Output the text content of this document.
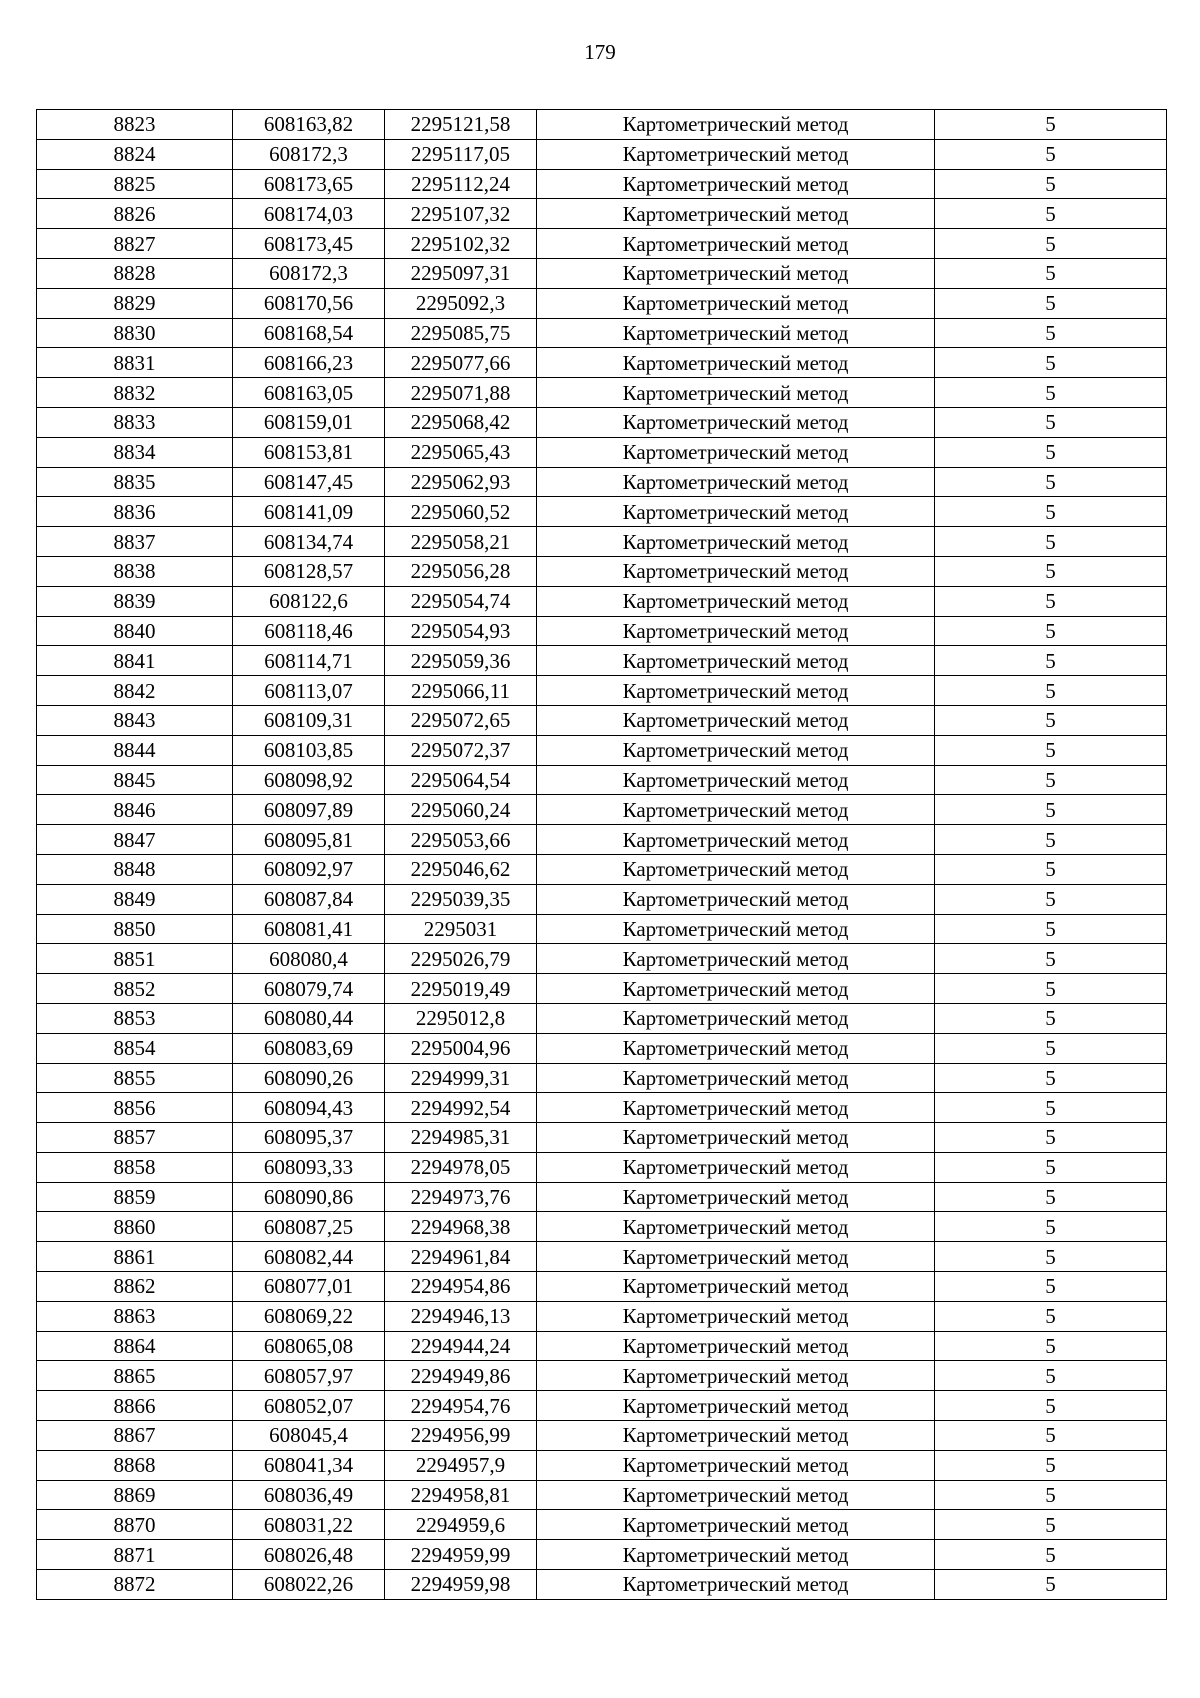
179
8823	608163,82	2295121,58	Картометрический метод	5
8824	608172,3	2295117,05	Картометрический метод	5
8825	608173,65	2295112,24	Картометрический метод	5
8826	608174,03	2295107,32	Картометрический метод	5
8827	608173,45	2295102,32	Картометрический метод	5
8828	608172,3	2295097,31	Картометрический метод	5
8829	608170,56	2295092,3	Картометрический метод	5
8830	608168,54	2295085,75	Картометрический метод	5
8831	608166,23	2295077,66	Картометрический метод	5
8832	608163,05	2295071,88	Картометрический метод	5
8833	608159,01	2295068,42	Картометрический метод	5
8834	608153,81	2295065,43	Картометрический метод	5
8835	608147,45	2295062,93	Картометрический метод	5
8836	608141,09	2295060,52	Картометрический метод	5
8837	608134,74	2295058,21	Картометрический метод	5
8838	608128,57	2295056,28	Картометрический метод	5
8839	608122,6	2295054,74	Картометрический метод	5
8840	608118,46	2295054,93	Картометрический метод	5
8841	608114,71	2295059,36	Картометрический метод	5
8842	608113,07	2295066,11	Картометрический метод	5
8843	608109,31	2295072,65	Картометрический метод	5
8844	608103,85	2295072,37	Картометрический метод	5
8845	608098,92	2295064,54	Картометрический метод	5
8846	608097,89	2295060,24	Картометрический метод	5
8847	608095,81	2295053,66	Картометрический метод	5
8848	608092,97	2295046,62	Картометрический метод	5
8849	608087,84	2295039,35	Картометрический метод	5
8850	608081,41	2295031	Картометрический метод	5
8851	608080,4	2295026,79	Картометрический метод	5
8852	608079,74	2295019,49	Картометрический метод	5
8853	608080,44	2295012,8	Картометрический метод	5
8854	608083,69	2295004,96	Картометрический метод	5
8855	608090,26	2294999,31	Картометрический метод	5
8856	608094,43	2294992,54	Картометрический метод	5
8857	608095,37	2294985,31	Картометрический метод	5
8858	608093,33	2294978,05	Картометрический метод	5
8859	608090,86	2294973,76	Картометрический метод	5
8860	608087,25	2294968,38	Картометрический метод	5
8861	608082,44	2294961,84	Картометрический метод	5
8862	608077,01	2294954,86	Картометрический метод	5
8863	608069,22	2294946,13	Картометрический метод	5
8864	608065,08	2294944,24	Картометрический метод	5
8865	608057,97	2294949,86	Картометрический метод	5
8866	608052,07	2294954,76	Картометрический метод	5
8867	608045,4	2294956,99	Картометрический метод	5
8868	608041,34	2294957,9	Картометрический метод	5
8869	608036,49	2294958,81	Картометрический метод	5
8870	608031,22	2294959,6	Картометрический метод	5
8871	608026,48	2294959,99	Картометрический метод	5
8872	608022,26	2294959,98	Картометрический метод	5
